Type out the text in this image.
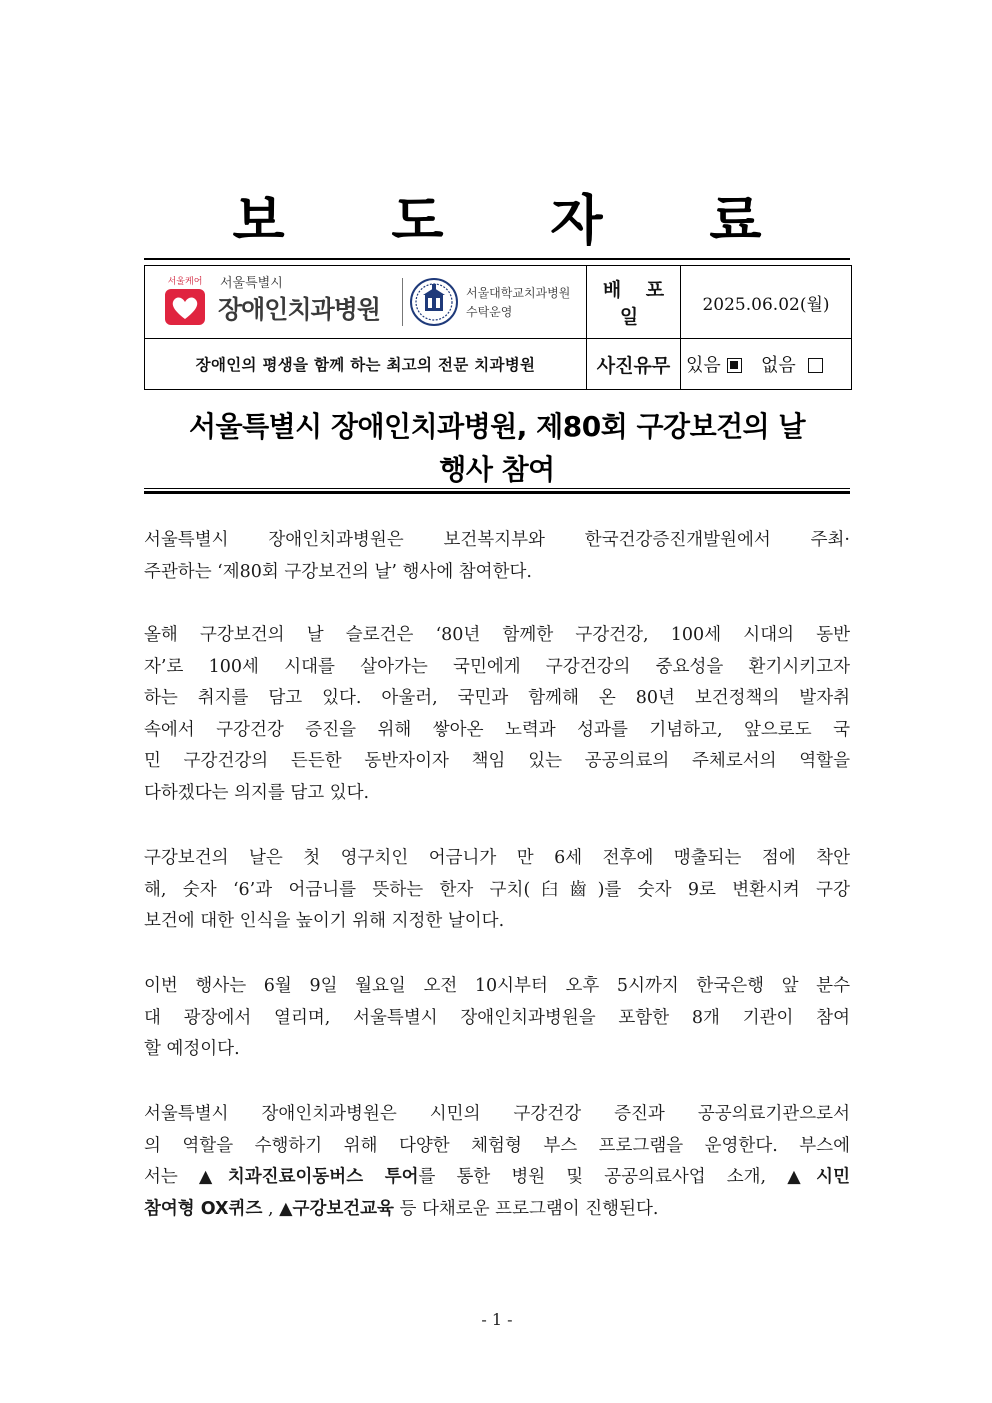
보 도 자 료
서울케어 서울특별시
장애인치과병원
서울대학교치과병원
수탁운영	배 포 일	2025.06.02(월)
장애인의 평생을 함께 하는 최고의 전문 치과병원	사진유무	있음 없음
서울특별시 장애인치과병원, 제80회 구강보건의 날
행사 참여
서울특별시 장애인치과병원은 보건복지부와 한국건강증진개발원에서 주최·
주관하는 ‘제80회 구강보건의 날’ 행사에 참여한다.
올해 구강보건의 날 슬로건은 ‘80년 함께한 구강건강, 100세 시대의 동반
자’로 100세 시대를 살아가는 국민에게 구강건강의 중요성을 환기시키고자
하는 취지를 담고 있다. 아울러, 국민과 함께해 온 80년 보건정책의 발자취
속에서 구강건강 증진을 위해 쌓아온 노력과 성과를 기념하고, 앞으로도 국
민 구강건강의 든든한 동반자이자 책임 있는 공공의료의 주체로서의 역할을
다하겠다는 의지를 담고 있다.
구강보건의 날은 첫 영구치인 어금니가 만 6세 전후에 맹출되는 점에 착안
해, 숫자 ‘6’과 어금니를 뜻하는 한자 구치(臼齒)를 숫자 9로 변환시켜 구강
보건에 대한 인식을 높이기 위해 지정한 날이다.
이번 행사는 6월 9일 월요일 오전 10시부터 오후 5시까지 한국은행 앞 분수
대 광장에서 열리며, 서울특별시 장애인치과병원을 포함한 8개 기관이 참여
할 예정이다.
서울특별시 장애인치과병원은 시민의 구강건강 증진과 공공의료기관으로서
의 역할을 수행하기 위해 다양한 체험형 부스 프로그램을 운영한다. 부스에
서는 ▲치과진료이동버스 투어를 통한 병원 및 공공의료사업 소개, ▲시민
참여형 OX퀴즈 , ▲구강보건교육 등 다채로운 프로그램이 진행된다.
- 1 -
